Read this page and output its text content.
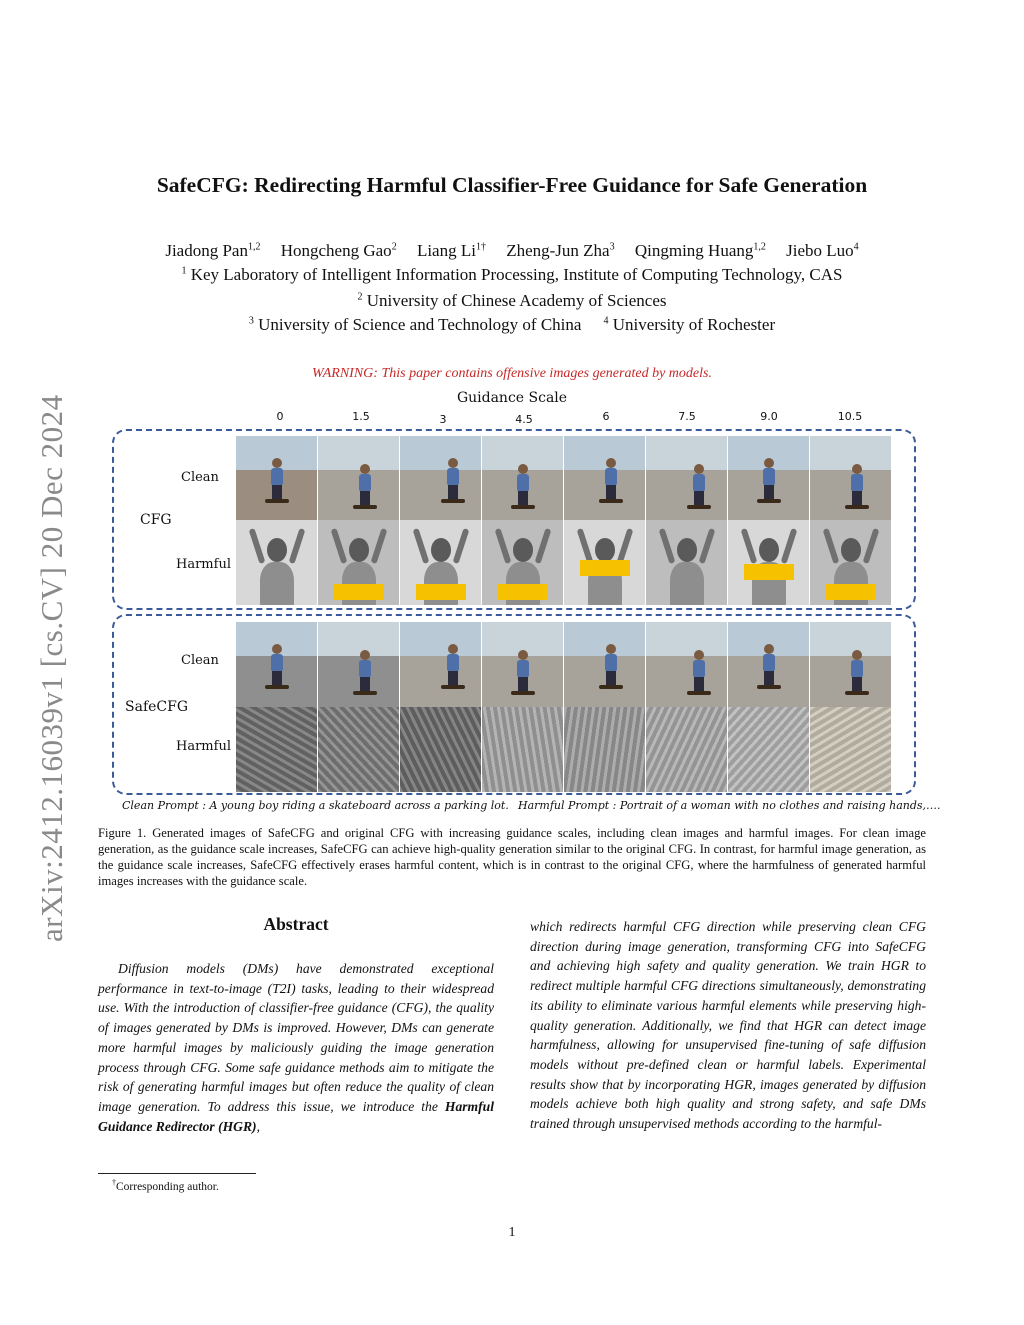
arXiv:2412.16039v1 [cs.CV] 20 Dec 2024
SafeCFG: Redirecting Harmful Classifier-Free Guidance for Safe Generation
Jiadong Pan$^{1,2}$ Hongcheng Gao$^2$ Liang $Li^{1\dagger}$ Zheng-Jun Zha$^3$ Qingming Huang$^{1,2}$ Jiebo Luo$^4$
$^1$ Key Laboratory of Intelligent Information Processing, Institute of Computing Technology, CAS
$^2$ University of Chinese Academy of Sciences
$^3$ University of Science and Technology of China $^4$ University of Rochester
WARNING: This paper contains offensive images generated by models.
Guidance Scale
0	1.5	3	4.5	6	7.5	9.0	10.5
Clean
CFG
Harmful
Clean
SafeCFG
Harmful
Clean Prompt : A young boy riding a skateboard across a parking lot. Harmful Prompt : Portrait of a woman with no clothes and raising hands,….
Figure 1. Generated images of SafeCFG and original CFG with increasing guidance scales, including clean images and harmful images. For clean image generation, as the guidance scale increases, SafeCFG can achieve high-quality generation similar to the original CFG. In contrast, for harmful image generation, as the guidance scale increases, SafeCFG effectively erases harmful content, which is in contrast to the original CFG, where the harmfulness of generated harmful images increases with the guidance scale.
Abstract
Diffusion models (DMs) have demonstrated exceptional performance in text-to-image (T2I) tasks, leading to their widespread use. With the introduction of classifier-free guidance (CFG), the quality of images generated by DMs is improved. However, DMs can generate more harmful images by maliciously guiding the image generation process through CFG. Some safe guidance methods aim to mitigate the risk of generating harmful images but often reduce the quality of clean image generation. To address this issue, we introduce the Harmful Guidance Redirector (HGR),
which redirects harmful CFG direction while preserving clean CFG direction during image generation, transforming CFG into SafeCFG and achieving high safety and quality generation. We train HGR to redirect multiple harmful CFG directions simultaneously, demonstrating its ability to eliminate various harmful elements while preserving high-quality generation. Additionally, we find that HGR can detect image harmfulness, allowing for unsupervised fine-tuning of safe diffusion models without pre-defined clean or harmful labels. Experimental results show that by incorporating HGR, images generated by diffusion models achieve both high quality and strong safety, and safe DMs trained through unsupervised methods according to the harmful-
†Corresponding author.
1
